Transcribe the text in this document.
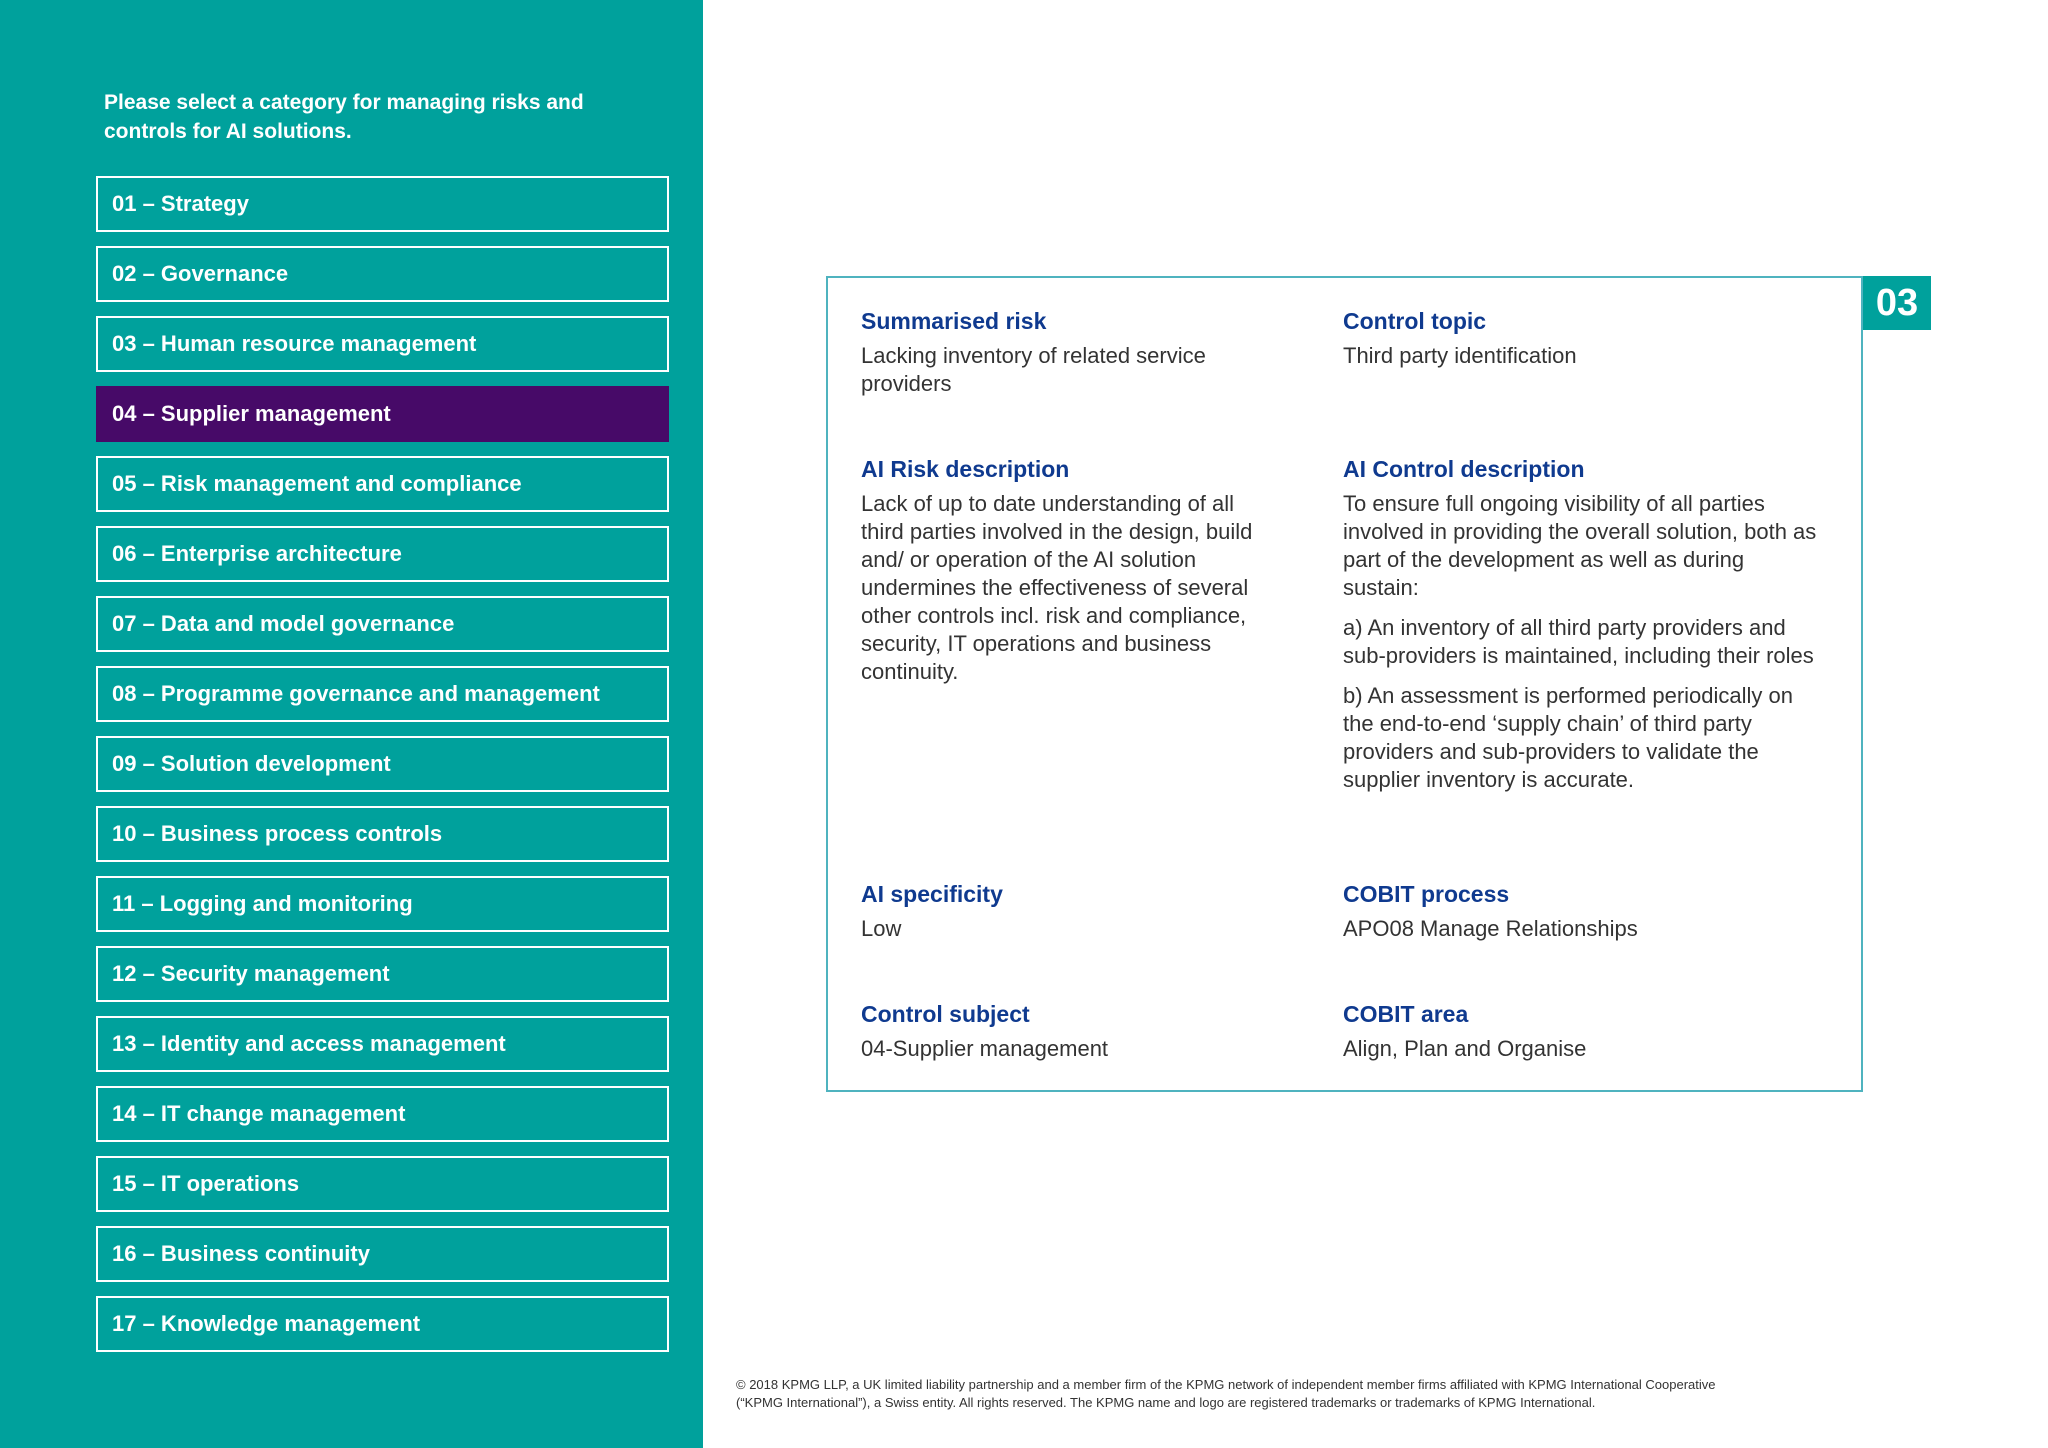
Please select a category for managing risks and controls for AI solutions.
01 – Strategy
02 – Governance
03 – Human resource management
04 – Supplier management
05 – Risk management and compliance
06 – Enterprise architecture
07 – Data and model governance
08 – Programme governance and management
09 – Solution development
10 – Business process controls
11 – Logging and monitoring
12 – Security management
13 – Identity and access management
14 – IT change management
15 – IT operations
16 – Business continuity
17 – Knowledge management
03
Summarised risk

Lacking inventory of related service providers

Control topic

Third party identification

AI Risk description

Lack of up to date understanding of all third parties involved in the design, build and/ or operation of the AI solution undermines the effectiveness of several other controls incl. risk and compliance, security, IT operations and business continuity.

AI Control description

To ensure full ongoing visibility of all parties involved in providing the overall solution, both as part of the development as well as during sustain:

a) An inventory of all third party providers and sub-providers is maintained, including their roles

b) An assessment is performed periodically on the end-to-end ‘supply chain’ of third party providers and sub-providers to validate the supplier inventory is accurate.

AI specificity

Low

COBIT process

APO08 Manage Relationships

Control subject

04-Supplier management

COBIT area

Align, Plan and Organise

© 2018 KPMG LLP, a UK limited liability partnership and a member firm of the KPMG network of independent member firms affiliated with KPMG International Cooperative
(“KPMG International”), a Swiss entity. All rights reserved. The KPMG name and logo are registered trademarks or trademarks of KPMG International.
